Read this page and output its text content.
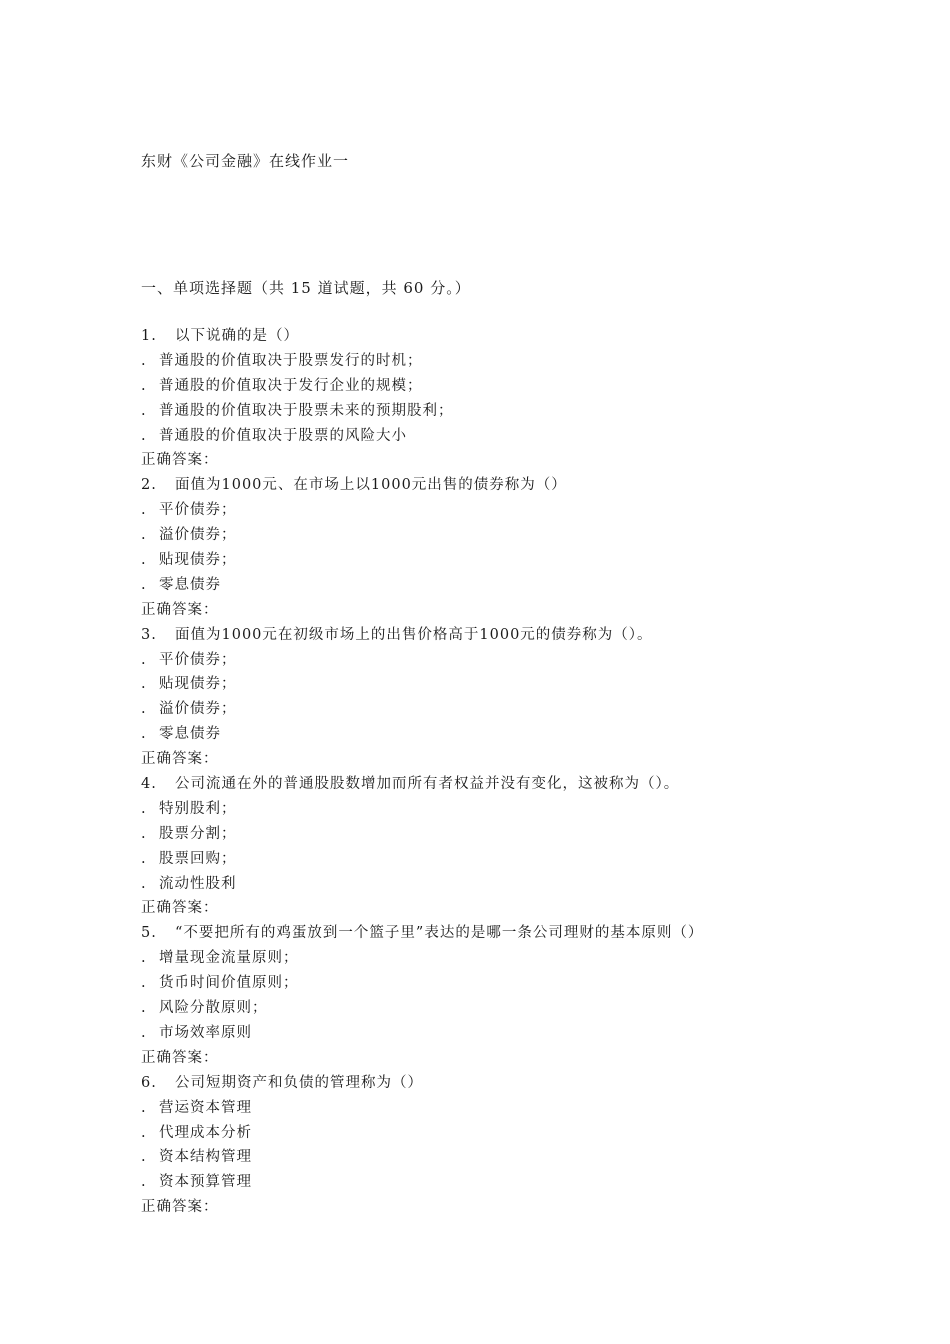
东财《公司金融》在线作业一
一、单项选择题（共 15 道试题，共 60 分。）
1. 以下说确的是（）
. 普通股的价值取决于股票发行的时机；
. 普通股的价值取决于发行企业的规模；
. 普通股的价值取决于股票未来的预期股利；
. 普通股的价值取决于股票的风险大小
正确答案：
2. 面值为1000元、在市场上以1000元出售的债券称为（）
. 平价债券；
. 溢价债券；
. 贴现债券；
. 零息债券
正确答案：
3. 面值为1000元在初级市场上的出售价格高于1000元的债券称为（）。
. 平价债券；
. 贴现债券；
. 溢价债券；
. 零息债券
正确答案：
4. 公司流通在外的普通股股数增加而所有者权益并没有变化，这被称为（）。
. 特别股利；
. 股票分割；
. 股票回购；
. 流动性股利
正确答案：
5. “不要把所有的鸡蛋放到一个篮子里”表达的是哪一条公司理财的基本原则（）
. 增量现金流量原则；
. 货币时间价值原则；
. 风险分散原则；
. 市场效率原则
正确答案：
6. 公司短期资产和负债的管理称为（）
. 营运资本管理
. 代理成本分析
. 资本结构管理
. 资本预算管理
正确答案：
